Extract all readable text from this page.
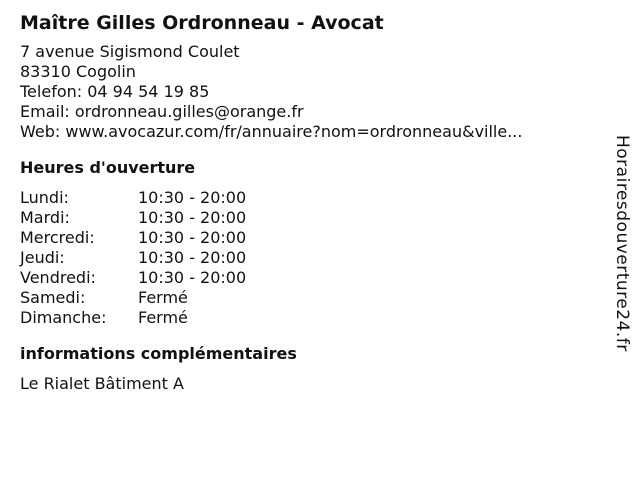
Maître Gilles Ordronneau - Avocat
7 avenue Sigismond Coulet
83310 Cogolin
Telefon: 04 94 54 19 85
Email: ordronneau.gilles@orange.fr
Web: www.avocazur.com/fr/annuaire?nom=ordronneau&ville...
Heures d'ouverture
Lundi:	10:30 - 20:00
Mardi:	10:30 - 20:00
Mercredi:	10:30 - 20:00
Jeudi:	10:30 - 20:00
Vendredi:	10:30 - 20:00
Samedi:	Fermé
Dimanche:	Fermé
informations complémentaires
Le Rialet Bâtiment A
Horairesdouverture24.fr
